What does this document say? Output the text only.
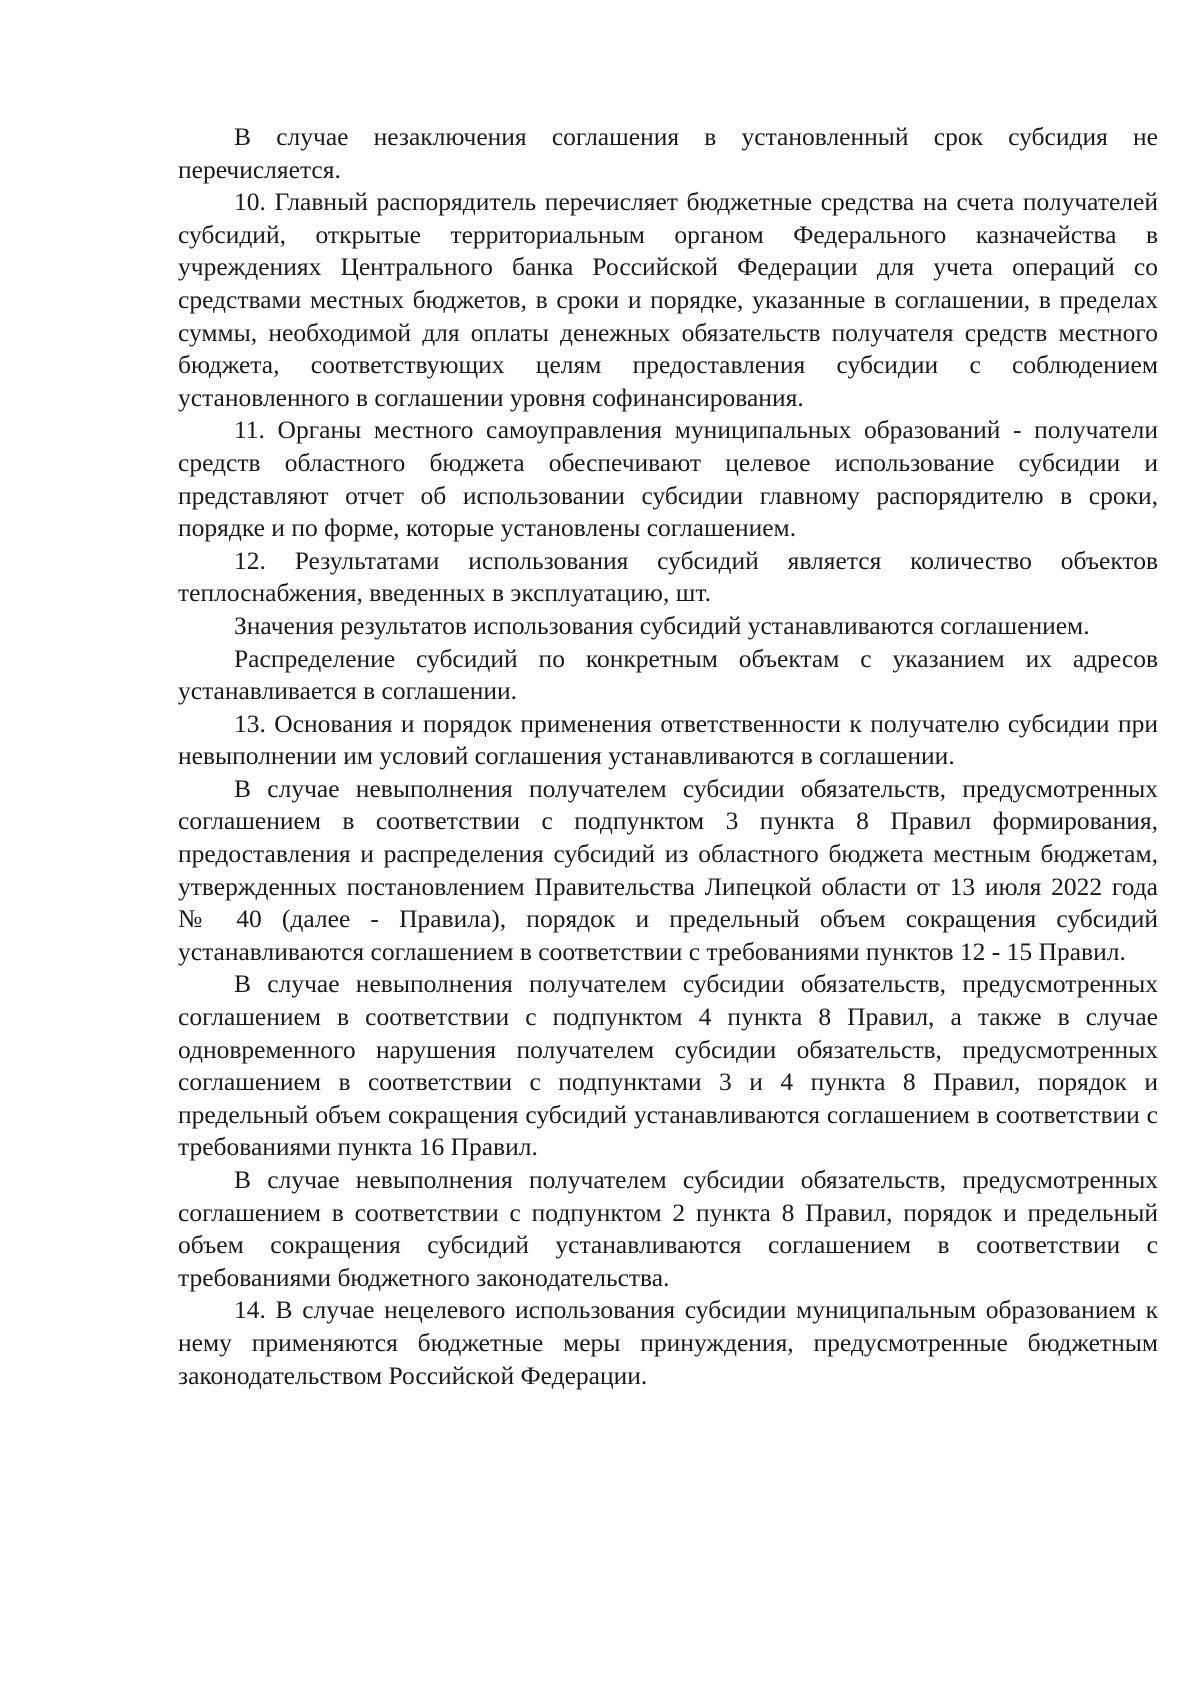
В случае незаключения соглашения в установленный срок субсидия не перечисляется.

10. Главный распорядитель перечисляет бюджетные средства на счета получателей субсидий, открытые территориальным органом Федерального казначейства в учреждениях Центрального банка Российской Федерации для учета операций со средствами местных бюджетов, в сроки и порядке, указанные в соглашении, в пределах суммы, необходимой для оплаты денежных обязательств получателя средств местного бюджета, соответствующих целям предоставления субсидии с соблюдением установленного в соглашении уровня софинансирования.

11. Органы местного самоуправления муниципальных образований - получатели средств областного бюджета обеспечивают целевое использование субсидии и представляют отчет об использовании субсидии главному распорядителю в сроки, порядке и по форме, которые установлены соглашением.

12. Результатами использования субсидий является количество объектов теплоснабжения, введенных в эксплуатацию, шт.

Значения результатов использования субсидий устанавливаются соглашением.

Распределение субсидий по конкретным объектам с указанием их адресов устанавливается в соглашении.

13. Основания и порядок применения ответственности к получателю субсидии при невыполнении им условий соглашения устанавливаются в соглашении.

В случае невыполнения получателем субсидии обязательств, предусмотренных соглашением в соответствии с подпунктом 3 пункта 8 Правил формирования, предоставления и распределения субсидий из областного бюджета местным бюджетам, утвержденных постановлением Правительства Липецкой области от 13 июля 2022 года № 40 (далее - Правила), порядок и предельный объем сокращения субсидий устанавливаются соглашением в соответствии с требованиями пунктов 12 - 15 Правил.

В случае невыполнения получателем субсидии обязательств, предусмотренных соглашением в соответствии с подпунктом 4 пункта 8 Правил, а также в случае одновременного нарушения получателем субсидии обязательств, предусмотренных соглашением в соответствии с подпунктами 3 и 4 пункта 8 Правил, порядок и предельный объем сокращения субсидий устанавливаются соглашением в соответствии с требованиями пункта 16 Правил.

В случае невыполнения получателем субсидии обязательств, предусмотренных соглашением в соответствии с подпунктом 2 пункта 8 Правил, порядок и предельный объем сокращения субсидий устанавливаются соглашением в соответствии с требованиями бюджетного законодательства.

14. В случае нецелевого использования субсидии муниципальным образованием к нему применяются бюджетные меры принуждения, предусмотренные бюджетным законодательством Российской Федерации.
